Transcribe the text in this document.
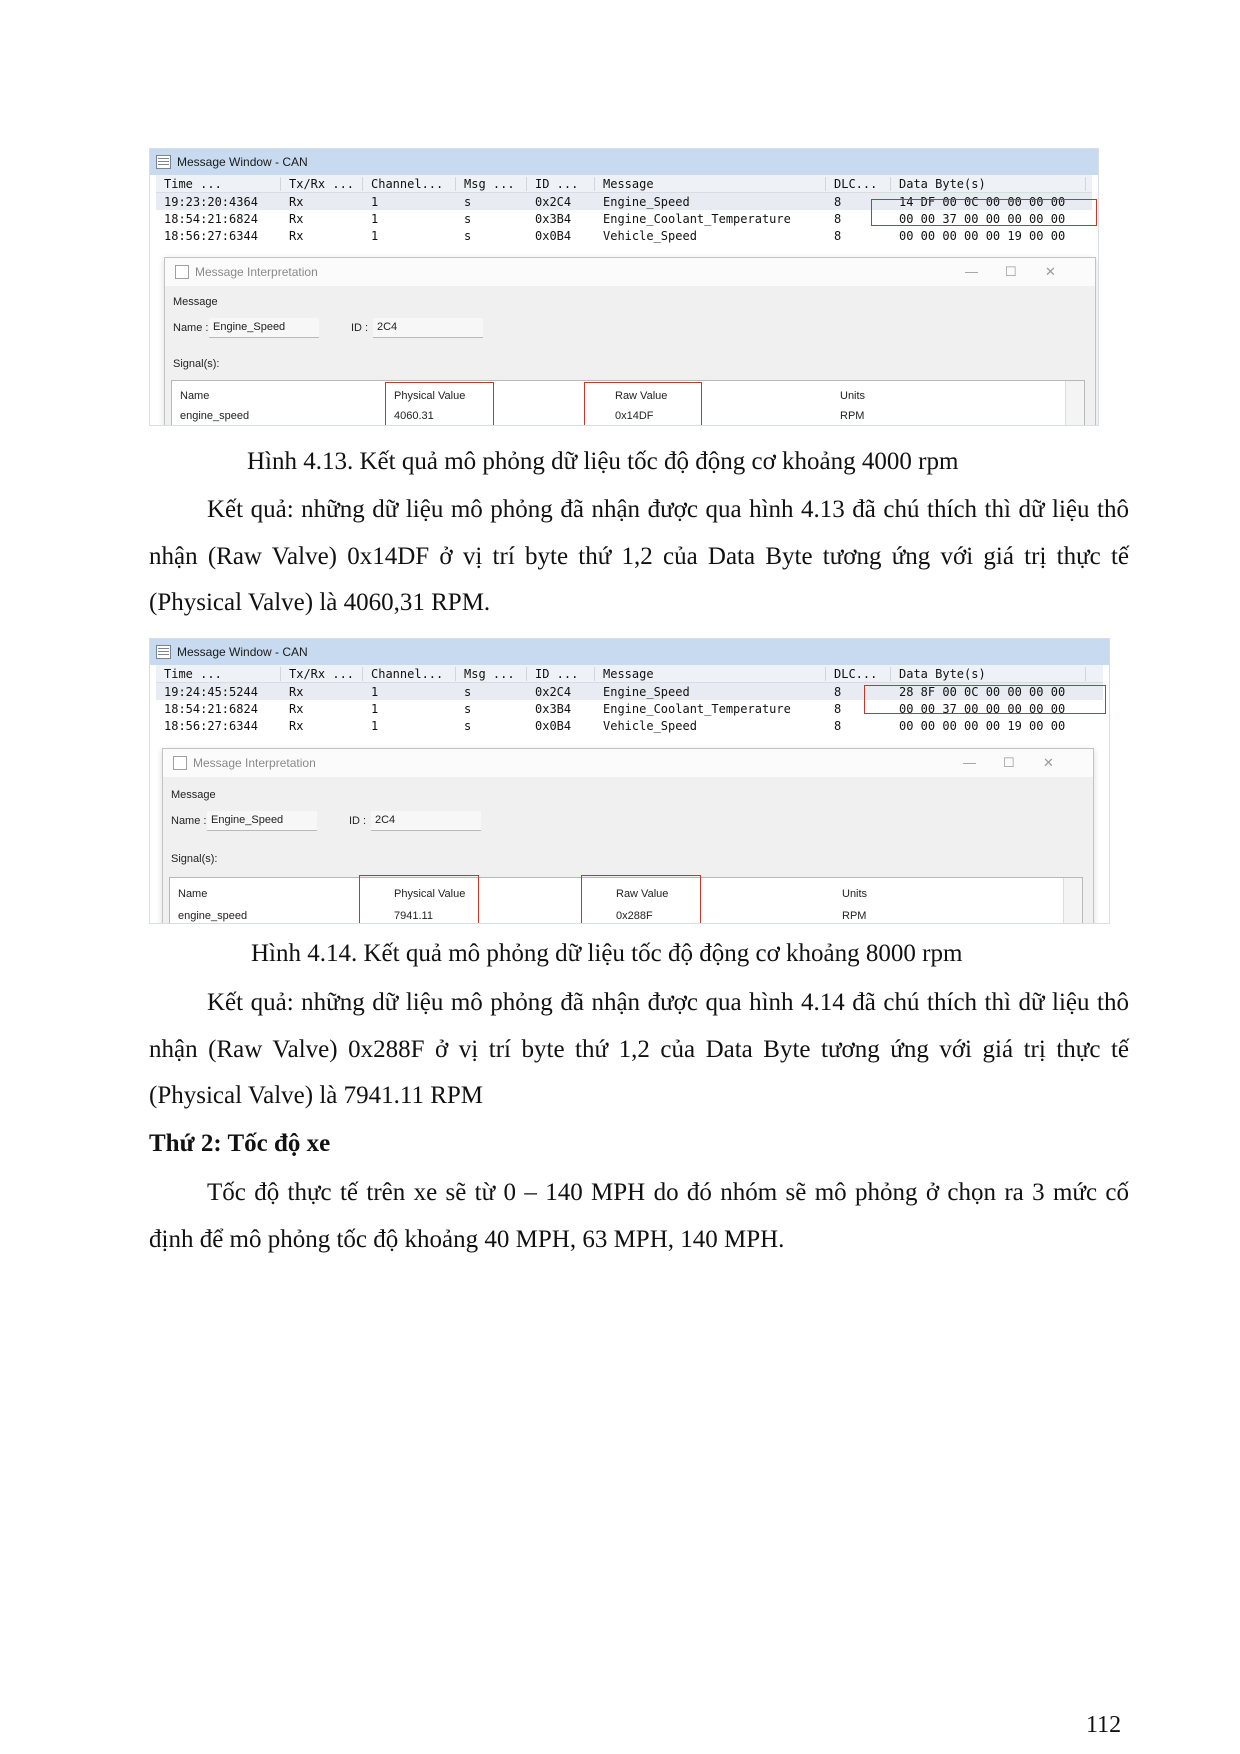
Message Window - CAN
Time ...	Tx/Rx ...	Channel...	Msg ...	ID ...	Message	DLC...	Data Byte(s)
19:23:20:4364	Rx	1	s	0x2C4	Engine_Speed	8	14 DF 00 0C 00 00 00 00
18:54:21:6824	Rx	1	s	0x3B4	Engine_Coolant_Temperature	8	00 00 37 00 00 00 00 00
18:56:27:6344	Rx	1	s	0x0B4	Vehicle_Speed	8	00 00 00 00 00 19 00 00
Message Interpretation	— ☐ ✕
Message
Name : Engine_Speed	ID : 2C4
Signal(s):
Name	Physical Value	Raw Value	Units
engine_speed	4060.31	0x14DF	RPM
Hình 4.13. Kết quả mô phỏng dữ liệu tốc độ động cơ khoảng 4000 rpm
Kết quả: những dữ liệu mô phỏng đã nhận được qua hình 4.13 đã chú thích thì dữ liệu thô nhận (Raw Valve) 0x14DF ở vị trí byte thứ 1,2 của Data Byte tương ứng với giá trị thực tế (Physical Valve) là 4060,31 RPM.
Message Window - CAN
Time ...	Tx/Rx ...	Channel...	Msg ...	ID ...	Message	DLC...	Data Byte(s)
19:24:45:5244	Rx	1	s	0x2C4	Engine_Speed	8	28 8F 00 0C 00 00 00 00
18:54:21:6824	Rx	1	s	0x3B4	Engine_Coolant_Temperature	8	00 00 37 00 00 00 00 00
18:56:27:6344	Rx	1	s	0x0B4	Vehicle_Speed	8	00 00 00 00 00 19 00 00
Message Interpretation	— ☐ ✕
Message
Name : Engine_Speed	ID : 2C4
Signal(s):
Name	Physical Value	Raw Value	Units
engine_speed	7941.11	0x288F	RPM
Hình 4.14. Kết quả mô phỏng dữ liệu tốc độ động cơ khoảng 8000 rpm
Kết quả: những dữ liệu mô phỏng đã nhận được qua hình 4.14 đã chú thích thì dữ liệu thô nhận (Raw Valve) 0x288F ở vị trí byte thứ 1,2 của Data Byte tương ứng với giá trị thực tế (Physical Valve) là 7941.11 RPM
Thứ 2: Tốc độ xe
Tốc độ thực tế trên xe sẽ từ 0 – 140 MPH do đó nhóm sẽ mô phỏng ở chọn ra 3 mức cố định để mô phỏng tốc độ khoảng 40 MPH, 63 MPH, 140 MPH.
112
